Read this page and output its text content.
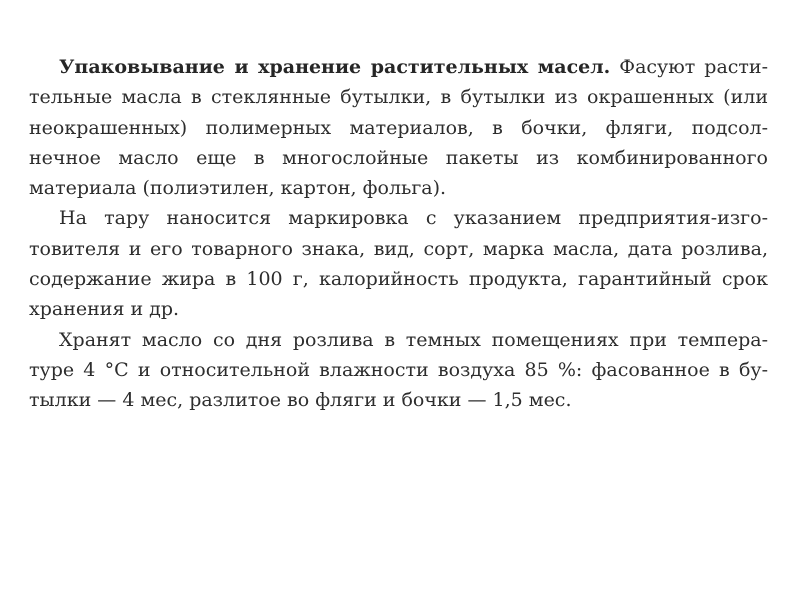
Упаковывание и хранение растительных масел. Фасуют расти-
тельные масла в стеклянные бутылки, в бутылки из окрашенных (или
неокрашенных) полимерных материалов, в бочки, фляги, подсол-
нечное масло еще в многослойные пакеты из комбинированного
материала (полиэтилен, картон, фольга).
На тару наносится маркировка с указанием предприятия-изго-
товителя и его товарного знака, вид, сорт, марка масла, дата розлива,
содержание жира в 100 г, калорийность продукта, гарантийный срок
хранения и др.
Хранят масло со дня розлива в темных помещениях при темпера-
туре 4 °С и относительной влажности воздуха 85 %: фасованное в бу-
тылки — 4 мес, разлитое во фляги и бочки — 1,5 мес.
